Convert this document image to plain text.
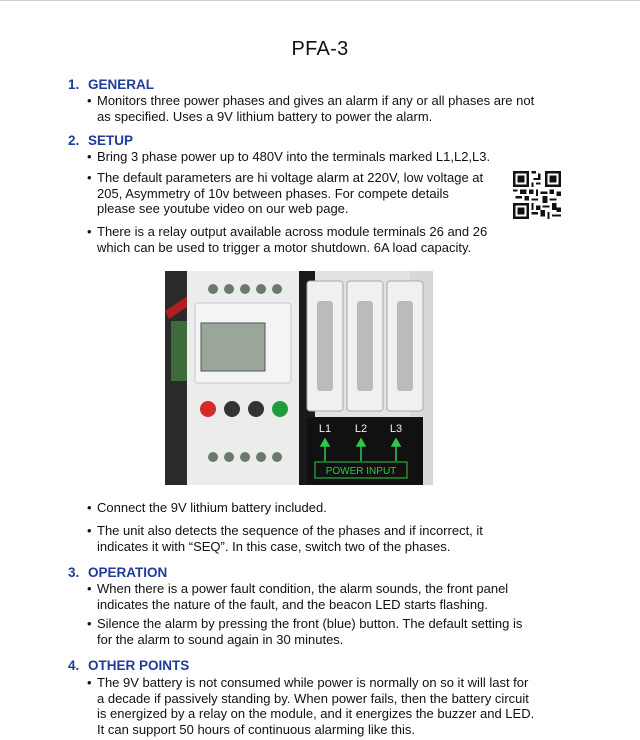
PFA-3
1. GENERAL
• Monitors three power phases and gives an alarm if any or all phases are not
as specified. Uses a 9V lithium battery to power the alarm.
2. SETUP
• Bring 3 phase power up to 480V into the terminals marked L1,L2,L3.
• The default parameters are hi voltage alarm at 220V, low voltage at
205, Asymmetry of 10v between phases. For compete details
please see youtube video on our web page.
• There is a relay output available across module terminals 26 and 26
which can be used to trigger a motor shutdown. 6A load capacity.
L1 L2 L3
POWER INPUT
• Connect the 9V lithium battery included.
• The unit also detects the sequence of the phases and if incorrect, it
indicates it with “SEQ”. In this case, switch two of the phases.
3. OPERATION
• When there is a power fault condition, the alarm sounds, the front panel
indicates the nature of the fault, and the beacon LED starts flashing.
• Silence the alarm by pressing the front (blue) button. The default setting is
for the alarm to sound again in 30 minutes.
4. OTHER POINTS
• The 9V battery is not consumed while power is normally on so it will last for
a decade if passively standing by. When power fails, then the battery circuit
is energized by a relay on the module, and it energizes the buzzer and LED.
It can support 50 hours of continuous alarming like this.
